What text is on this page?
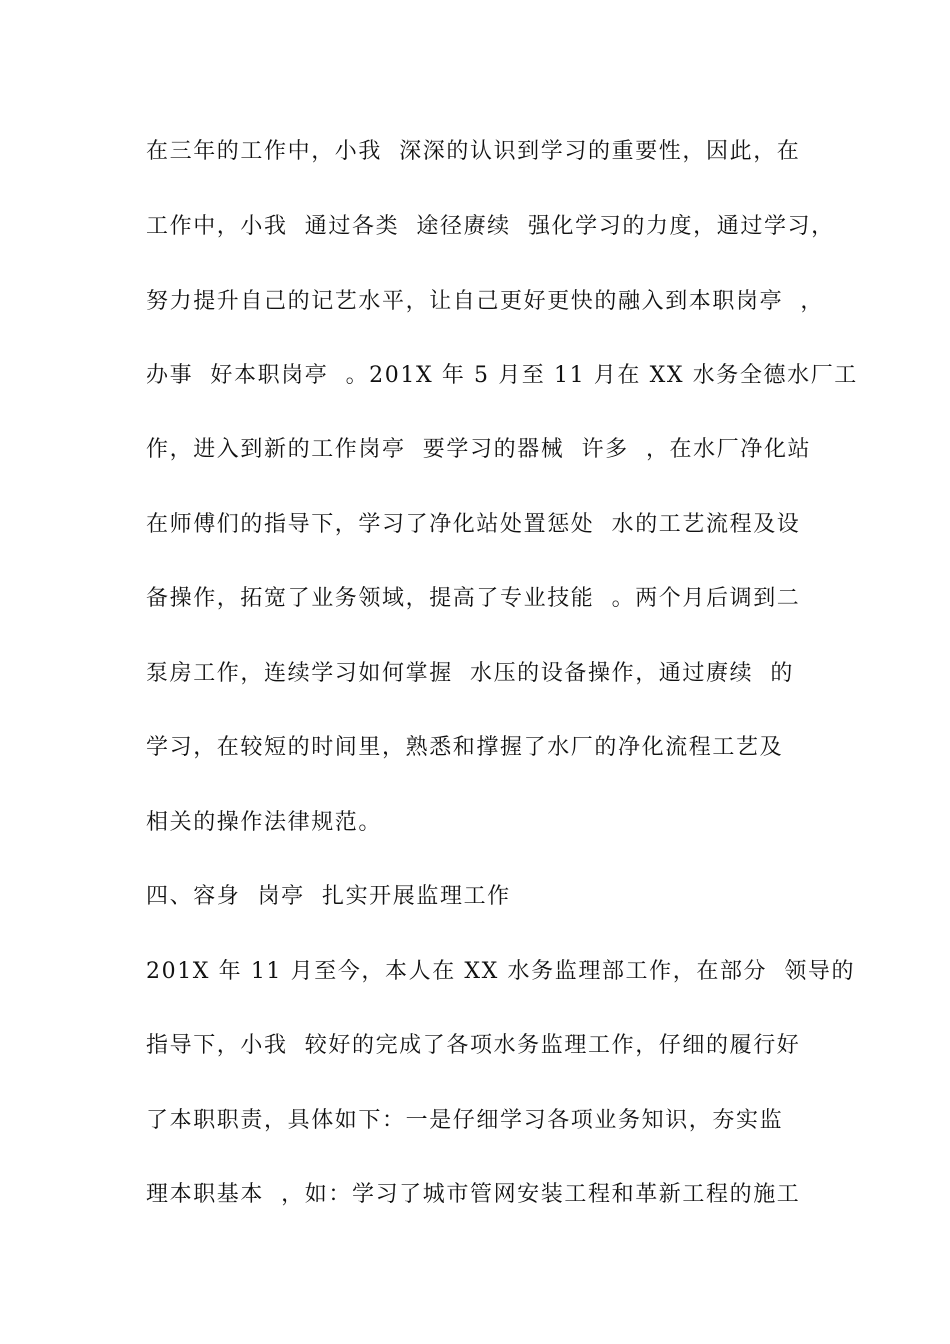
在三年的工作中，小我  深深的认识到学习的重要性，因此，在
工作中，小我  通过各类  途径赓续  强化学习的力度，通过学习，
努力提升自己的记艺水平，让自己更好更快的融入到本职岗亭  ，
办事  好本职岗亭  。201X 年 5 月至 11 月在 XX 水务全德水厂工
作，进入到新的工作岗亭  要学习的器械  许多  ，在水厂净化站
在师傅们的指导下，学习了净化站处置惩处  水的工艺流程及设
备操作，拓宽了业务领域，提高了专业技能  。两个月后调到二
泵房工作，连续学习如何掌握  水压的设备操作，通过赓续  的
学习，在较短的时间里，熟悉和撑握了水厂的净化流程工艺及
相关的操作法律规范。
四、容身  岗亭  扎实开展监理工作
201X 年 11 月至今，本人在 XX 水务监理部工作，在部分  领导的
指导下，小我  较好的完成了各项水务监理工作，仔细的履行好
了本职职责，具体如下：一是仔细学习各项业务知识，夯实监
理本职基本  ，如：学习了城市管网安装工程和革新工程的施工
